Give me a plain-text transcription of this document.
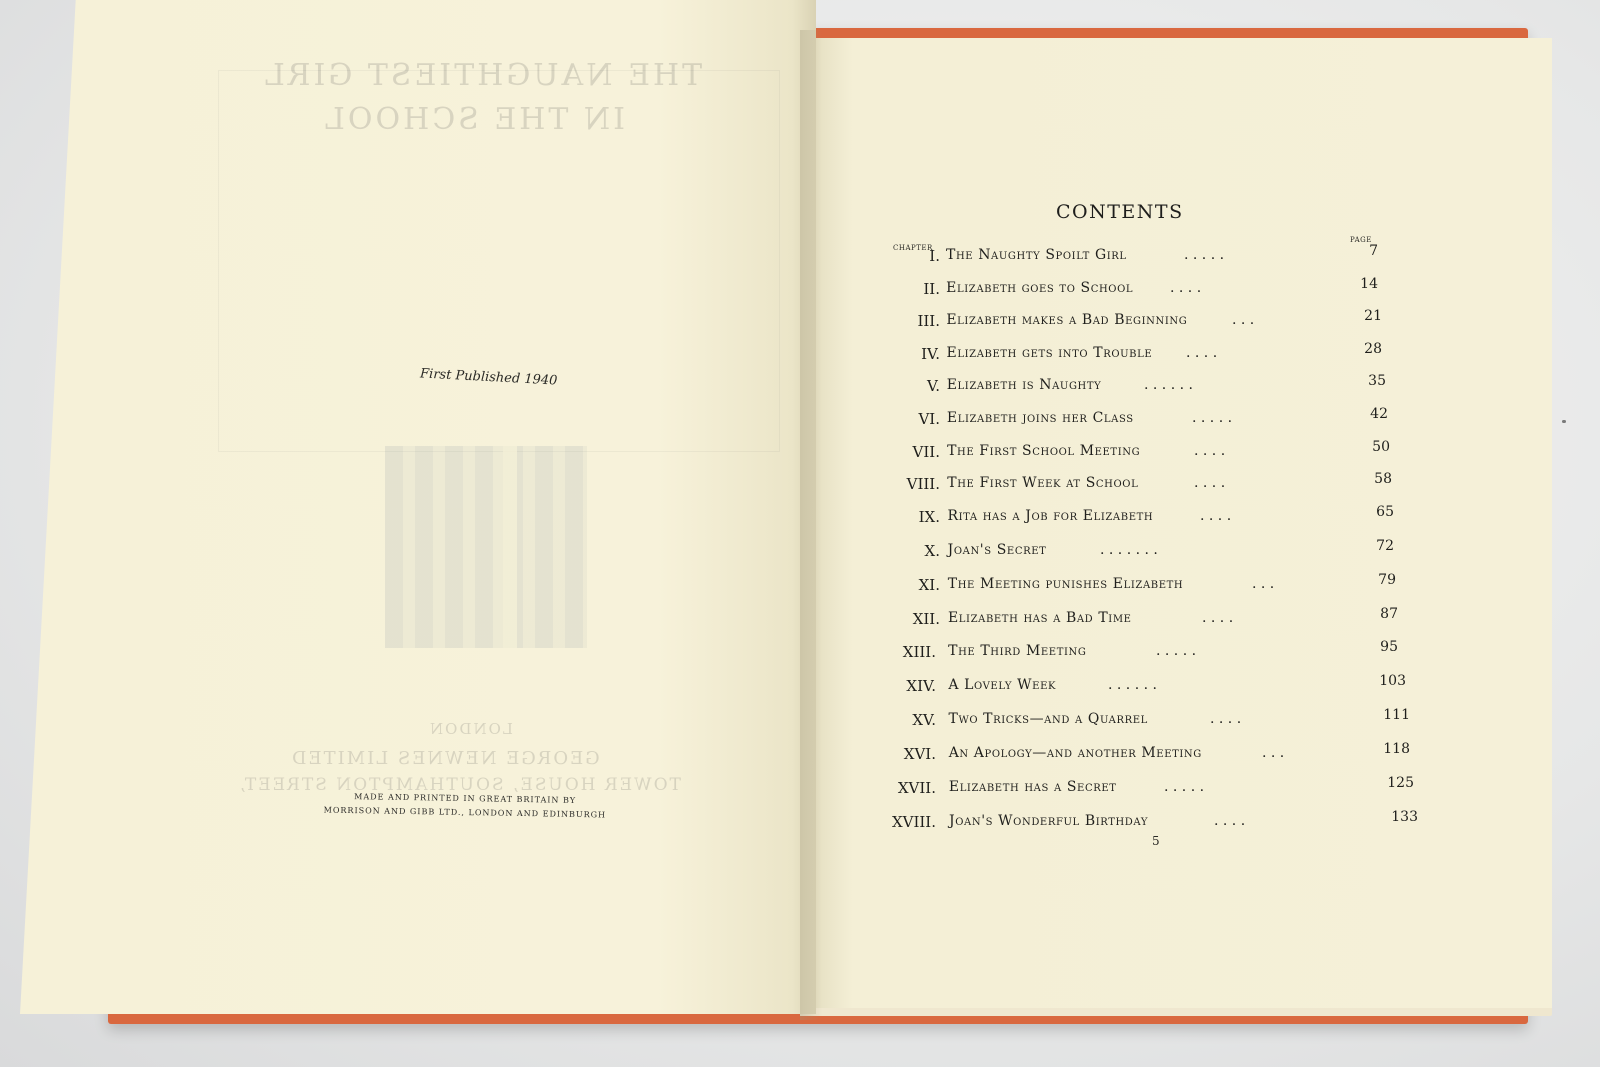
THE NAUGHTIEST GIRL
IN THE SCHOOL
LONDON
GEORGE NEWNES LIMITED
TOWER HOUSE, SOUTHAMPTON STREET,
First Published 1940
MADE AND PRINTED IN GREAT BRITAIN BY
MORRISON AND GIBB LTD., LONDON AND EDINBURGH
CONTENTS
CHAPTER
PAGE
I. The Naughty Spoilt Girl	. . . . .	7
II. Elizabeth goes to School	. . . .	14
III. Elizabeth makes a Bad Beginning	. . .	21
IV. Elizabeth gets into Trouble . . . .	28
V. Elizabeth is Naughty	. . . . . .	35
VI. Elizabeth joins her Class	. . . . .	42
VII. The First School Meeting	. . . .	50
VIII. The First Week at School	. . . .	58
IX. Rita has a Job for Elizabeth	. . . .	65
X. Joan's Secret	. . . . . . .	72
XI. The Meeting punishes Elizabeth	. . .	79
XII. Elizabeth has a Bad Time	. . . .	87
XIII. The Third Meeting	. . . . .	95
XIV. A Lovely Week	. . . . . .	103
XV. Two Tricks—and a Quarrel	. . . .	111
XVI. An Apology—and another Meeting	. . .	118
XVII. Elizabeth has a Secret	. . . . .	125
XVIII. Joan's Wonderful Birthday	. . . .	133
5
